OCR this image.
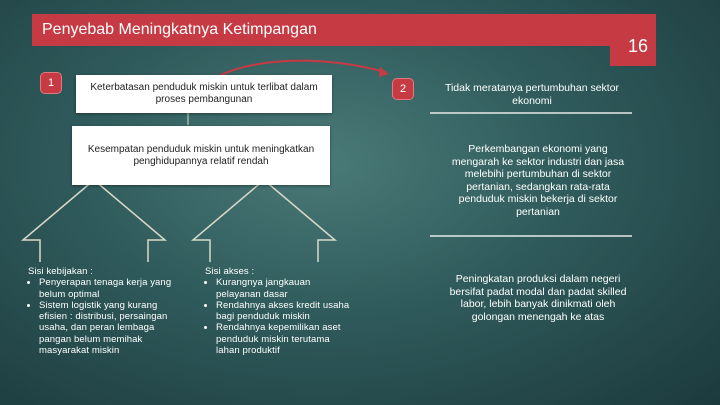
Penyebab Meningkatnya Ketimpangan
16
1	Keterbatasan penduduk miskin untuk terlibat dalam proses pembangunan
Kesempatan penduduk miskin untuk meningkatkan penghidupannya relatif rendah
Sisi kebijakan :
• Penyerapan tenaga kerja yang belum optimal
• Sistem logistik yang kurang efisien : distribusi, persaingan usaha, dan peran lembaga pangan belum memihak masyarakat miskin
Sisi akses :
• Kurangnya jangkauan pelayanan dasar
• Rendahnya akses kredit usaha bagi penduduk miskin
• Rendahnya kepemilikan aset penduduk miskin terutama lahan produktif
2	Tidak meratanya pertumbuhan sektor ekonomi
Perkembangan ekonomi yang mengarah ke sektor industri dan jasa melebihi pertumbuhan di sektor pertanian, sedangkan rata-rata penduduk miskin bekerja di sektor pertanian
Peningkatan produksi dalam negeri bersifat padat modal dan padat skilled labor, lebih banyak dinikmati oleh golongan menengah ke atas
